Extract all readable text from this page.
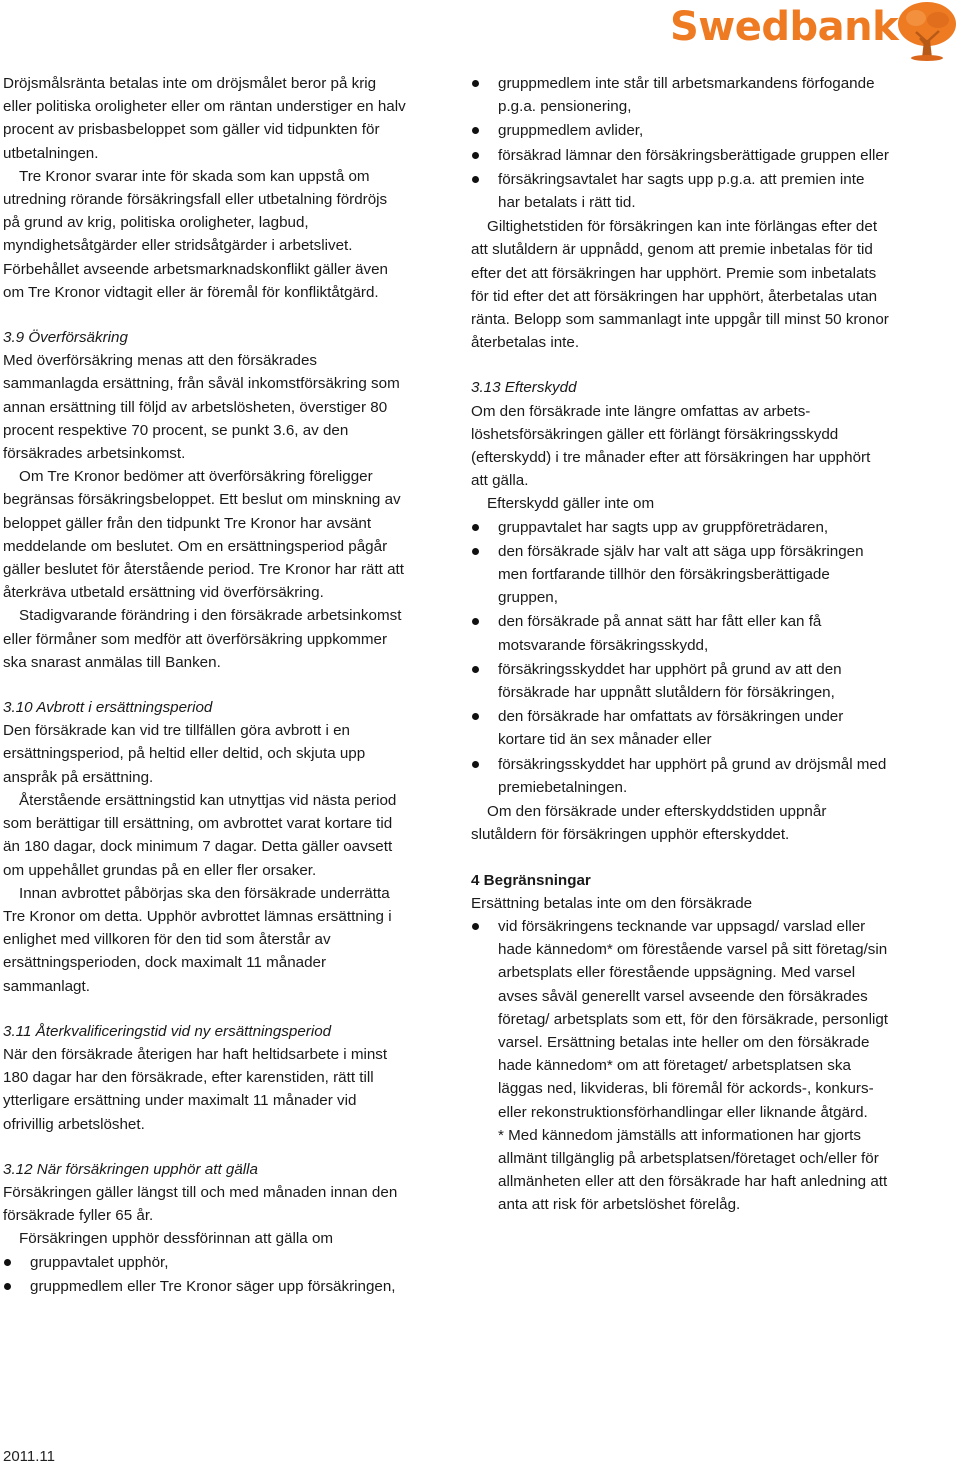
Swedbank

Dröjsmålsränta betalas inte om dröjsmålet beror på krig eller politiska oroligheter eller om räntan understiger en halv procent av prisbasbeloppet som gäller vid tidpunkten för utbetalningen.

Tre Kronor svarar inte för skada som kan uppstå om utredning rörande försäkringsfall eller utbetalning fördröjs på grund av krig, politiska oroligheter, lagbud, myndighetsåtgärder eller stridsåtgärder i arbetslivet. Förbehållet avseende arbetsmarknadskonflikt gäller även om Tre Kronor vidtagit eller är föremål för konfliktåtgärd.

3.9 Överförsäkring

Med överförsäkring menas att den försäkrades sammanlagda ersättning, från såväl inkomstförsäkring som annan ersättning till följd av arbetslösheten, överstiger 80 procent respektive 70 procent, se punkt 3.6, av den försäkrades arbetsinkomst.

Om Tre Kronor bedömer att överförsäkring föreligger begränsas försäkringsbeloppet. Ett beslut om minskning av beloppet gäller från den tidpunkt Tre Kronor har avsänt meddelande om beslutet. Om en ersättningsperiod pågår gäller beslutet för återstående period. Tre Kronor har rätt att återkräva utbetald ersättning vid överförsäkring.

Stadigvarande förändring i den försäkrade arbetsinkomst eller förmåner som medför att överförsäkring uppkommer ska snarast anmälas till Banken.

3.10 Avbrott i ersättningsperiod

Den försäkrade kan vid tre tillfällen göra avbrott i en ersättningsperiod, på heltid eller deltid, och skjuta upp anspråk på ersättning.

Återstående ersättningstid kan utnyttjas vid nästa period som berättigar till ersättning, om avbrottet varat kortare tid än 180 dagar, dock minimum 7 dagar. Detta gäller oavsett om uppehållet grundas på en eller fler orsaker.

Innan avbrottet påbörjas ska den försäkrade underrätta Tre Kronor om detta. Upphör avbrottet lämnas ersättning i enlighet med villkoren för den tid som återstår av ersättningsperioden, dock maximalt 11 månader sammanlagt.

3.11 Återkvalificeringstid vid ny ersättningsperiod

När den försäkrade återigen har haft heltidsarbete i minst 180 dagar har den försäkrade, efter karenstiden, rätt till ytterligare ersättning under maximalt 11 månader vid ofrivillig arbetslöshet.

3.12 När försäkringen upphör att gälla

Försäkringen gäller längst till och med månaden innan den försäkrade fyller 65 år.

Försäkringen upphör dessförinnan att gälla om

gruppavtalet upphör,
gruppmedlem eller Tre Kronor säger upp försäkringen,
gruppmedlem inte står till arbetsmarkandens förfogande p.g.a. pensionering,
gruppmedlem avlider,
försäkrad lämnar den försäkringsberättigade gruppen eller
försäkringsavtalet har sagts upp p.g.a. att premien inte har betalats i rätt tid.

Giltighetstiden för försäkringen kan inte förlängas efter det att slutåldern är uppnådd, genom att premie inbetalas för tid efter det att försäkringen har upphört. Premie som inbetalats för tid efter det att försäkringen har upphört, återbetalas utan ränta. Belopp som sammanlagt inte uppgår till minst 50 kronor återbetalas inte.

3.13 Efterskydd

Om den försäkrade inte längre omfattas av arbetslöshetsförsäkringen gäller ett förlängt försäkringsskydd (efterskydd) i tre månader efter att försäkringen har upphört att gälla.

Efterskydd gäller inte om

gruppavtalet har sagts upp av gruppföreträdaren,
den försäkrade själv har valt att säga upp försäkringen men fortfarande tillhör den försäkringsberättigade gruppen,
den försäkrade på annat sätt har fått eller kan få motsvarande försäkringsskydd,
försäkringsskyddet har upphört på grund av att den försäkrade har uppnått slutåldern för försäkringen,
den försäkrade har omfattats av försäkringen under kortare tid än sex månader eller
försäkringsskyddet har upphört på grund av dröjsmål med premiebetalningen.

Om den försäkrade under efterskyddstiden uppnår slutåldern för försäkringen upphör efterskyddet.

4 Begränsningar

Ersättning betalas inte om den försäkrade

vid försäkringens tecknande var uppsagd/ varslad eller hade kännedom* om förestående varsel på sitt företag/sin arbetsplats eller förestående uppsägning. Med varsel avses såväl generellt varsel avseende den försäkrades företag/ arbetsplats som ett, för den försäkrade, personligt varsel. Ersättning betalas inte heller om den försäkrade hade kännedom* om att företaget/ arbetsplatsen ska läggas ned, likvideras, bli föremål för ackords-, konkurs- eller rekonstruktionsförhandlingar eller liknande åtgärd.

* Med kännedom jämställs att informationen har gjorts allmänt tillgänglig på arbetsplatsen/företaget och/eller för allmänheten eller att den försäkrade har haft anledning att anta att risk för arbetslöshet förelåg.

2011.11
